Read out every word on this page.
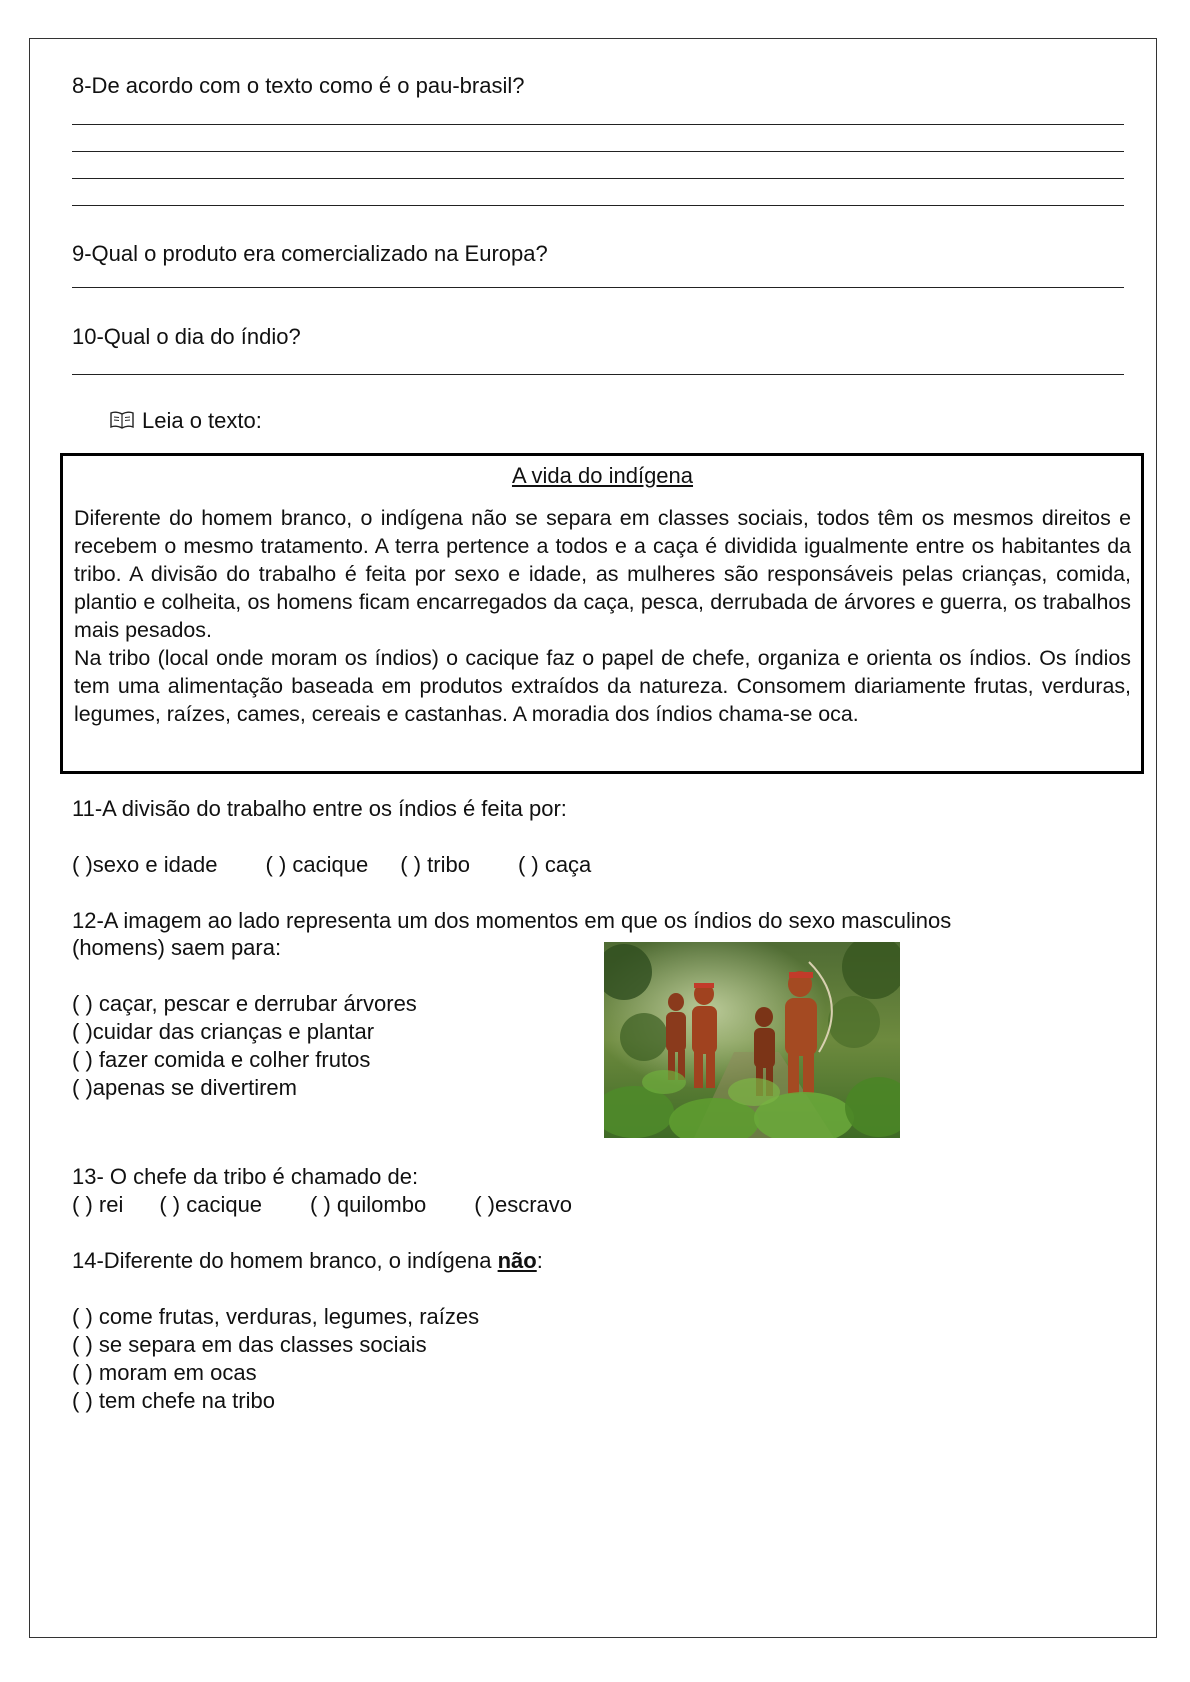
8-De acordo com o texto como é o pau-brasil?
9-Qual o produto era comercializado na Europa?
10-Qual o dia do índio?
Leia o texto:
A vida do indígena

Diferente do homem branco, o indígena não se separa em classes sociais, todos têm os mesmos direitos e recebem o mesmo tratamento. A terra pertence a todos e a caça é dividida igualmente entre os habitantes da tribo. A divisão do trabalho é feita por sexo e idade, as mulheres são responsáveis pelas crianças, comida, plantio e colheita, os homens ficam encarregados da caça, pesca, derrubada de árvores e guerra, os trabalhos mais pesados.

Na tribo (local onde moram os índios) o cacique faz o papel de chefe, organiza e orienta os índios. Os índios tem uma alimentação baseada em produtos extraídos da natureza. Consomem diariamente frutas, verduras, legumes, raízes, cames, cereais e castanhas. A moradia dos índios chama-se oca.

11-A divisão do trabalho entre os índios é feita por:
( )sexo e idade ( ) cacique ( ) tribo ( ) caça
12-A imagem ao lado representa um dos momentos em que os índios do sexo masculinos
(homens) saem para:
( ) caçar, pescar e derrubar árvores
( )cuidar das crianças e plantar
( ) fazer comida e colher frutos
( )apenas se divertirem
13- O chefe da tribo é chamado de:
( ) rei ( ) cacique ( ) quilombo ( )escravo
14-Diferente do homem branco, o indígena não:
( ) come frutas, verduras, legumes, raízes
( ) se separa em das classes sociais
( ) moram em ocas
( ) tem chefe na tribo
